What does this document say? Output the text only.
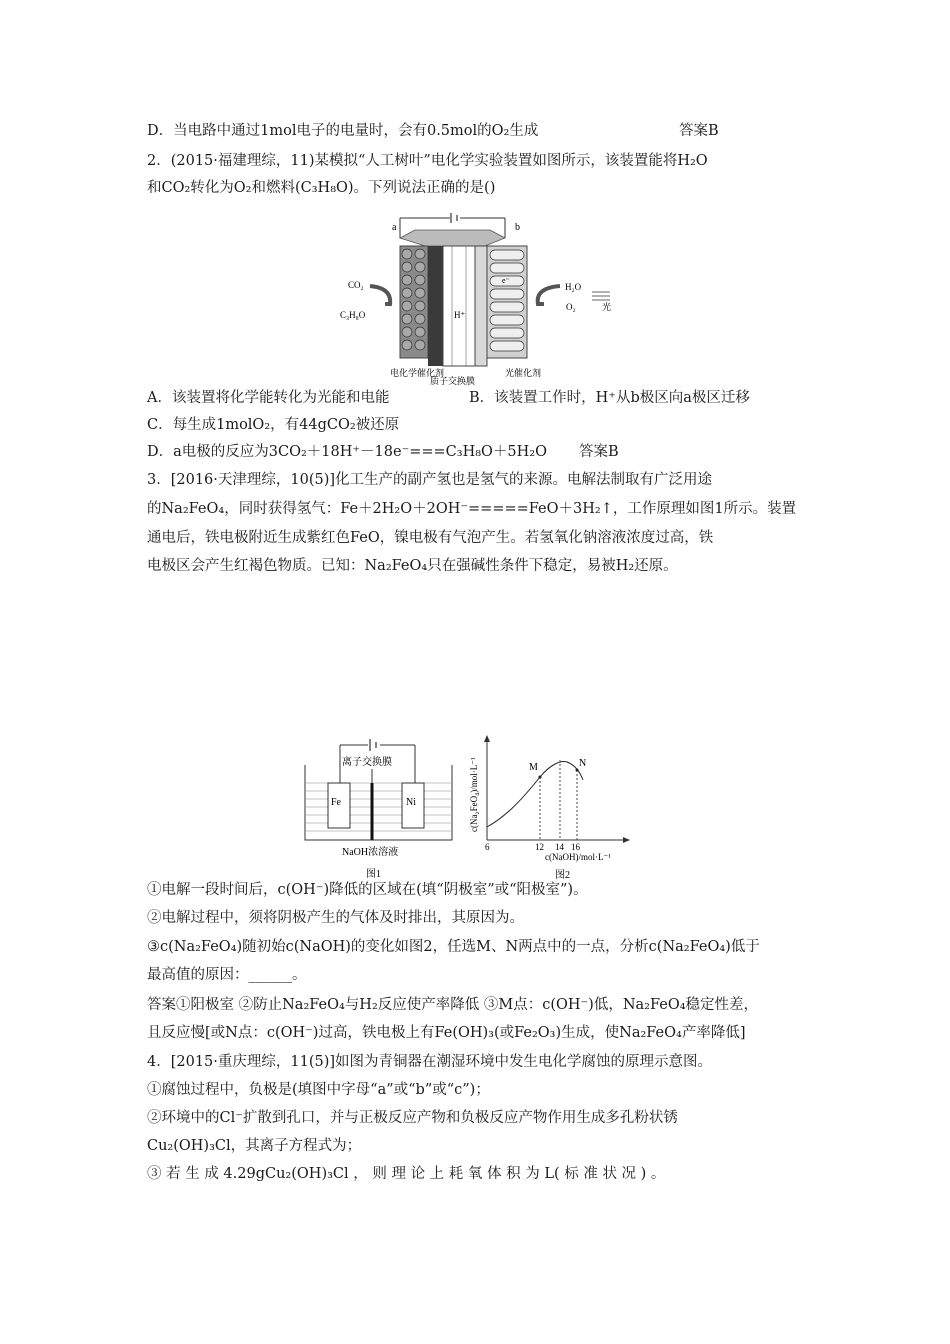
D．当电路中通过1mol电子的电量时，会有0.5mol的O₂生成	答案B
2．(2015·福建理综，11)某模拟“人工树叶”电化学实验装置如图所示，该装置能将H₂O
和CO₂转化为O₂和燃料(C₃H₈O)。下列说法正确的是()
a	b
H⁺
e⁻
CO₂
C₃H₈O
H₂O
O₂	光
电化学催化剂
质子交换膜
光催化剂
A．该装置将化学能转化为光能和电能	B．该装置工作时，H⁺从b极区向a极区迁移
C．每生成1molO₂，有44gCO₂被还原
D．a电极的反应为3CO₂＋18H⁺－18e⁻===C₃H₈O＋5H₂O 答案B
3．[2016·天津理综，10(5)]化工生产的副产氢也是氢气的来源。电解法制取有广泛用途
的Na₂FeO₄，同时获得氢气：Fe＋2H₂O＋2OH⁻=====FeO＋3H₂↑，工作原理如图1所示。装置
通电后，铁电极附近生成紫红色FeO，镍电极有气泡产生。若氢氧化钠溶液浓度过高，铁
电极区会产生红褐色物质。已知：Na₂FeO₄只在强碱性条件下稳定，易被H₂还原。
离子交换膜
Fe	Ni
NaOH浓溶液
图1
c(Na₂FeO₄)/mol·L⁻¹	M	N
6	12 14 16
c(NaOH)/mol·L⁻¹
图2
①电解一段时间后，c(OH⁻)降低的区域在(填“阴极室”或“阳极室”)。
②电解过程中，须将阴极产生的气体及时排出，其原因为。
③c(Na₂FeO₄)随初始c(NaOH)的变化如图2，任选M、N两点中的一点，分析c(Na₂FeO₄)低于
最高值的原因：______。
答案①阳极室 ②防止Na₂FeO₄与H₂反应使产率降低 ③M点：c(OH⁻)低，Na₂FeO₄稳定性差，
且反应慢[或N点：c(OH⁻)过高，铁电极上有Fe(OH)₃(或Fe₂O₃)生成，使Na₂FeO₄产率降低]
4．[2015·重庆理综，11(5)]如图为青铜器在潮湿环境中发生电化学腐蚀的原理示意图。
①腐蚀过程中，负极是(填图中字母“a”或“b”或“c”)；
②环境中的Cl⁻扩散到孔口，并与正极反应产物和负极反应产物作用生成多孔粉状锈
Cu₂(OH)₃Cl，其离子方程式为；
③ 若 生 成 4.29gCu₂(OH)₃Cl ， 则 理 论 上 耗 氧 体 积 为 L( 标 准 状 况 ) 。
